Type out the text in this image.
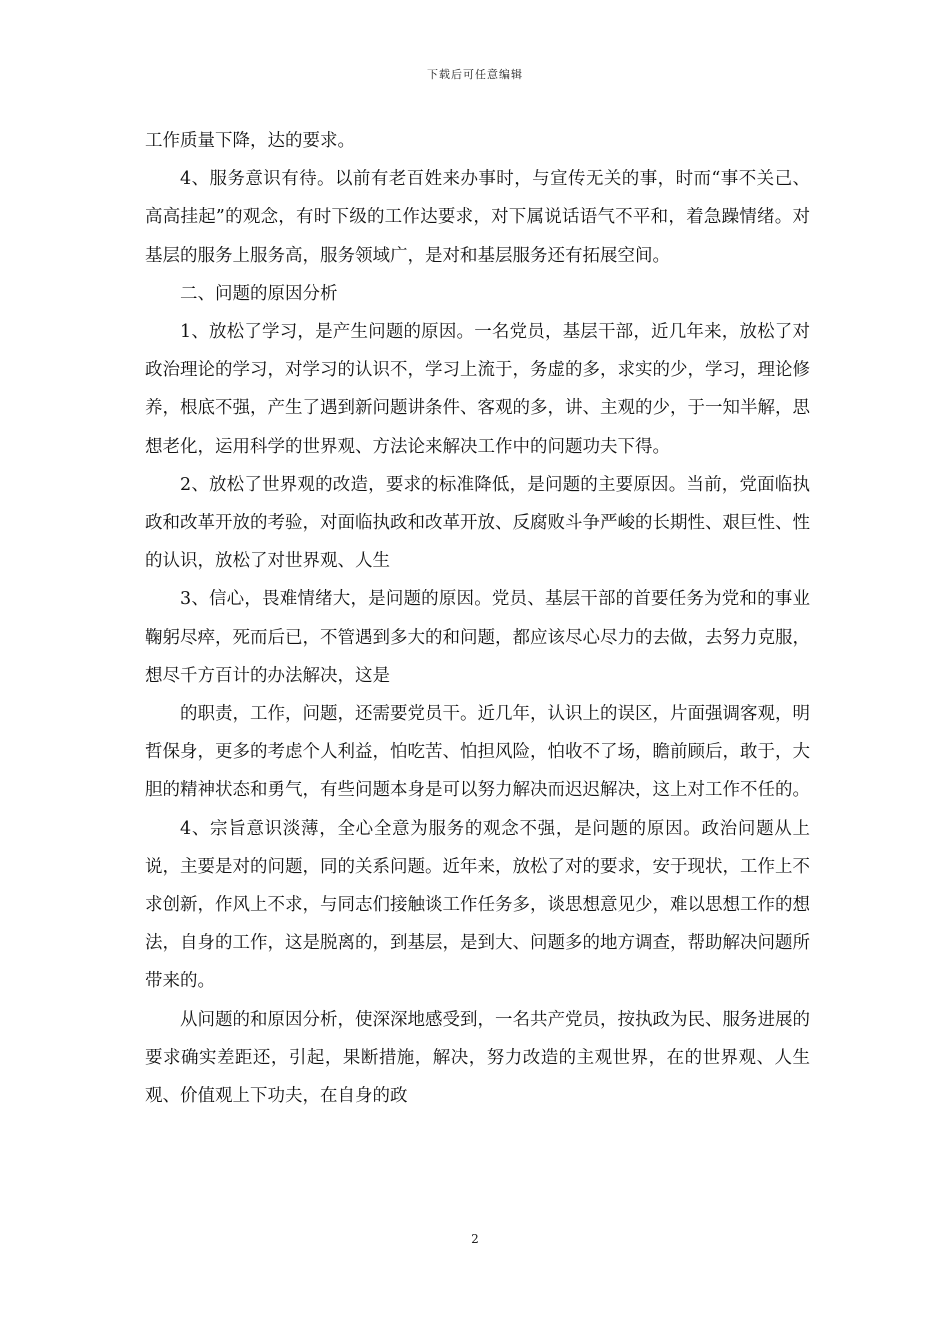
下载后可任意编辑

工作质量下降，达的要求。

4、服务意识有待。以前有老百姓来办事时，与宣传无关的事，时而“事不关己、高高挂起”的观念，有时下级的工作达要求，对下属说话语气不平和，着急躁情绪。对基层的服务上服务高，服务领域广，是对和基层服务还有拓展空间。

二、问题的原因分析

1、放松了学习，是产生问题的原因。一名党员，基层干部，近几年来，放松了对政治理论的学习，对学习的认识不，学习上流于，务虚的多，求实的少，学习，理论修养，根底不强，产生了遇到新问题讲条件、客观的多，讲、主观的少，于一知半解，思想老化，运用科学的世界观、方法论来解决工作中的问题功夫下得。

2、放松了世界观的改造，要求的标准降低，是问题的主要原因。当前，党面临执政和改革开放的考验，对面临执政和改革开放、反腐败斗争严峻的长期性、艰巨性、性的认识，放松了对世界观、人生

3、信心，畏难情绪大，是问题的原因。党员、基层干部的首要任务为党和的事业鞠躬尽瘁，死而后已，不管遇到多大的和问题，都应该尽心尽力的去做，去努力克服，想尽千方百计的办法解决，这是

的职责，工作，问题，还需要党员干。近几年，认识上的误区，片面强调客观，明哲保身，更多的考虑个人利益，怕吃苦、怕担风险，怕收不了场，瞻前顾后，敢于，大胆的精神状态和勇气，有些问题本身是可以努力解决而迟迟解决，这上对工作不任的。

4、宗旨意识淡薄，全心全意为服务的观念不强，是问题的原因。政治问题从上说，主要是对的问题，同的关系问题。近年来，放松了对的要求，安于现状，工作上不求创新，作风上不求，与同志们接触谈工作任务多，谈思想意见少，难以思想工作的想法，自身的工作，这是脱离的，到基层，是到大、问题多的地方调查，帮助解决问题所带来的。

从问题的和原因分析，使深深地感受到，一名共产党员，按执政为民、服务进展的要求确实差距还，引起，果断措施，解决，努力改造的主观世界，在的世界观、人生观、价值观上下功夫，在自身的政

2
